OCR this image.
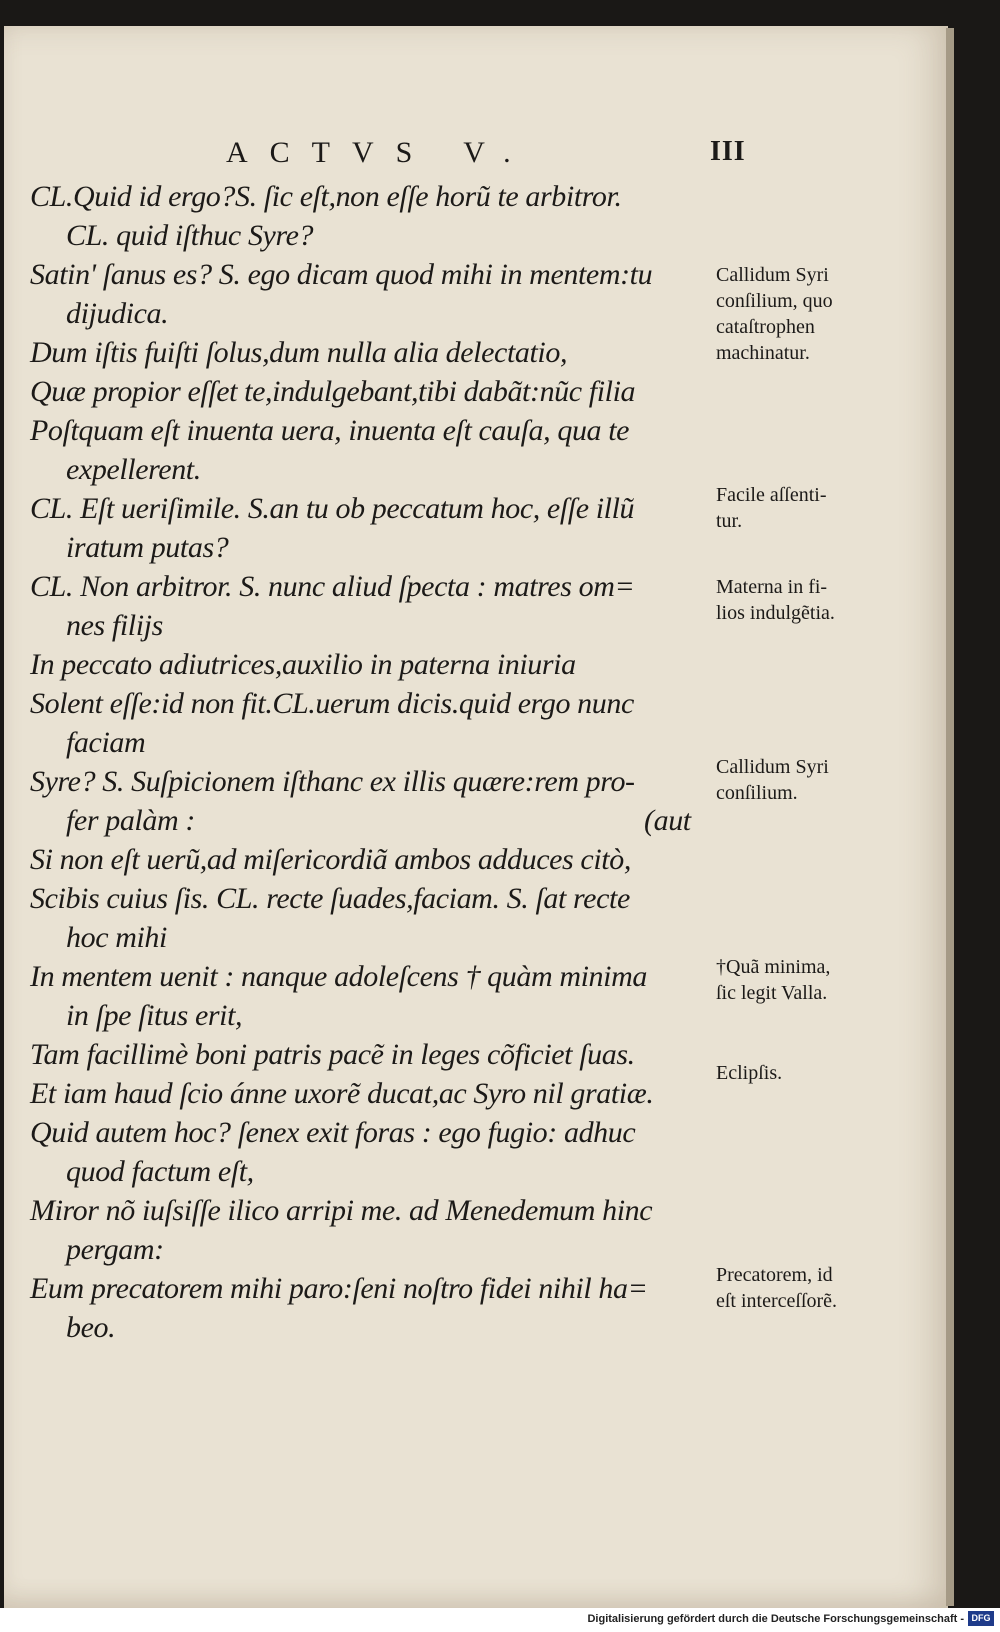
ACTVS V.	III
CL.Quid id ergo?S. ſic eſt,non eſſe horũ te arbitror.
CL. quid iſthuc Syre?
Satin' ſanus es? S. ego dicam quod mihi in mentem:tu
dijudica.
Dum iſtis fuiſti ſolus,dum nulla alia delectatio,
Quæ propior eſſet te,indulgebant,tibi dabãt:nũc filia
Poſtquam eſt inuenta uera, inuenta eſt cauſa, qua te
expellerent.
CL. Eſt ueriſimile. S.an tu ob peccatum hoc, eſſe illũ
iratum putas?
CL. Non arbitror. S. nunc aliud ſpecta : matres om=
nes filijs
In peccato adiutrices,auxilio in paterna iniuria
Solent eſſe:id non fit.CL.uerum dicis.quid ergo nunc
faciam
Syre? S. Suſpicionem iſthanc ex illis quære:rem pro-
fer palàm :	(aut
Si non eſt uerũ,ad miſericordiã ambos adduces citò,
Scibis cuius ſis. CL. recte ſuades,faciam. S. ſat recte
hoc mihi
In mentem uenit : nanque adoleſcens † quàm minima
in ſpe ſitus erit,
Tam facillimè boni patris pacẽ in leges cõficiet ſuas.
Et iam haud ſcio ánne uxorẽ ducat,ac Syro nil gratiæ.
Quid autem hoc? ſenex exit foras : ego fugio: adhuc
quod factum eſt,
Miror nõ iuſsiſſe ilico arripi me. ad Menedemum hinc
pergam:
Eum precatorem mihi paro:ſeni noſtro fidei nihil ha=
beo.
Callidum Syri
conſilium, quo
cataſtrophen
machinatur.
Facile aſſenti-
tur.
Materna in fi-
lios indulgẽtia.
Callidum Syri
conſilium.
†Quã minima,
ſic legit Valla.
Eclipſis.
Precatorem, id
eſt interceſſorẽ.
Digitalisierung gefördert durch die Deutsche Forschungsgemeinschaft - DFG
